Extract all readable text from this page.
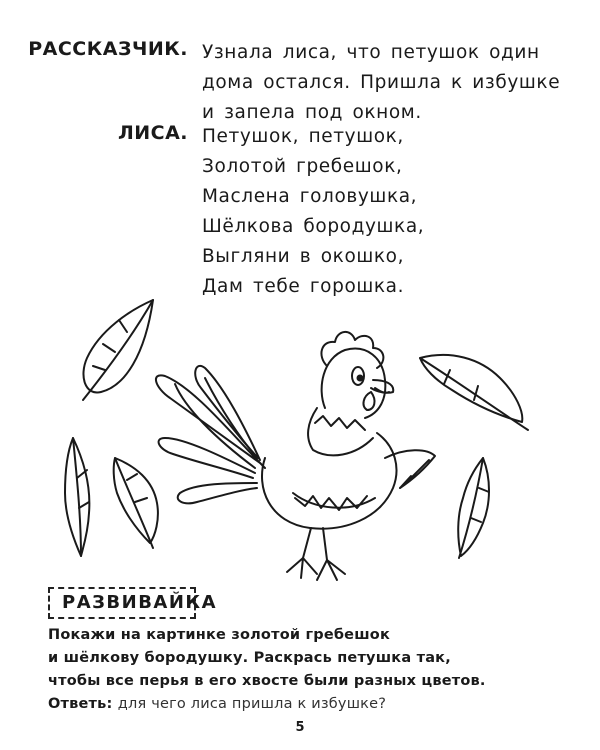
РАССКАЗЧИК. Узнала лиса, что петушок один
дома остался. Пришла к избушке
и запела под окном.
ЛИСА. Петушок, петушок,
Золотой гребешок,
Маслена головушка,
Шёлкова бородушка,
Выгляни в окошко,
Дам тебе горошка.
РАЗВИВАЙКА
Покажи на картинке золотой гребешок
и шёлкову бородушку. Раскрась петушка так,
чтобы все перья в его хвосте были разных цветов.
Ответь: для чего лиса пришла к избушке?
5
